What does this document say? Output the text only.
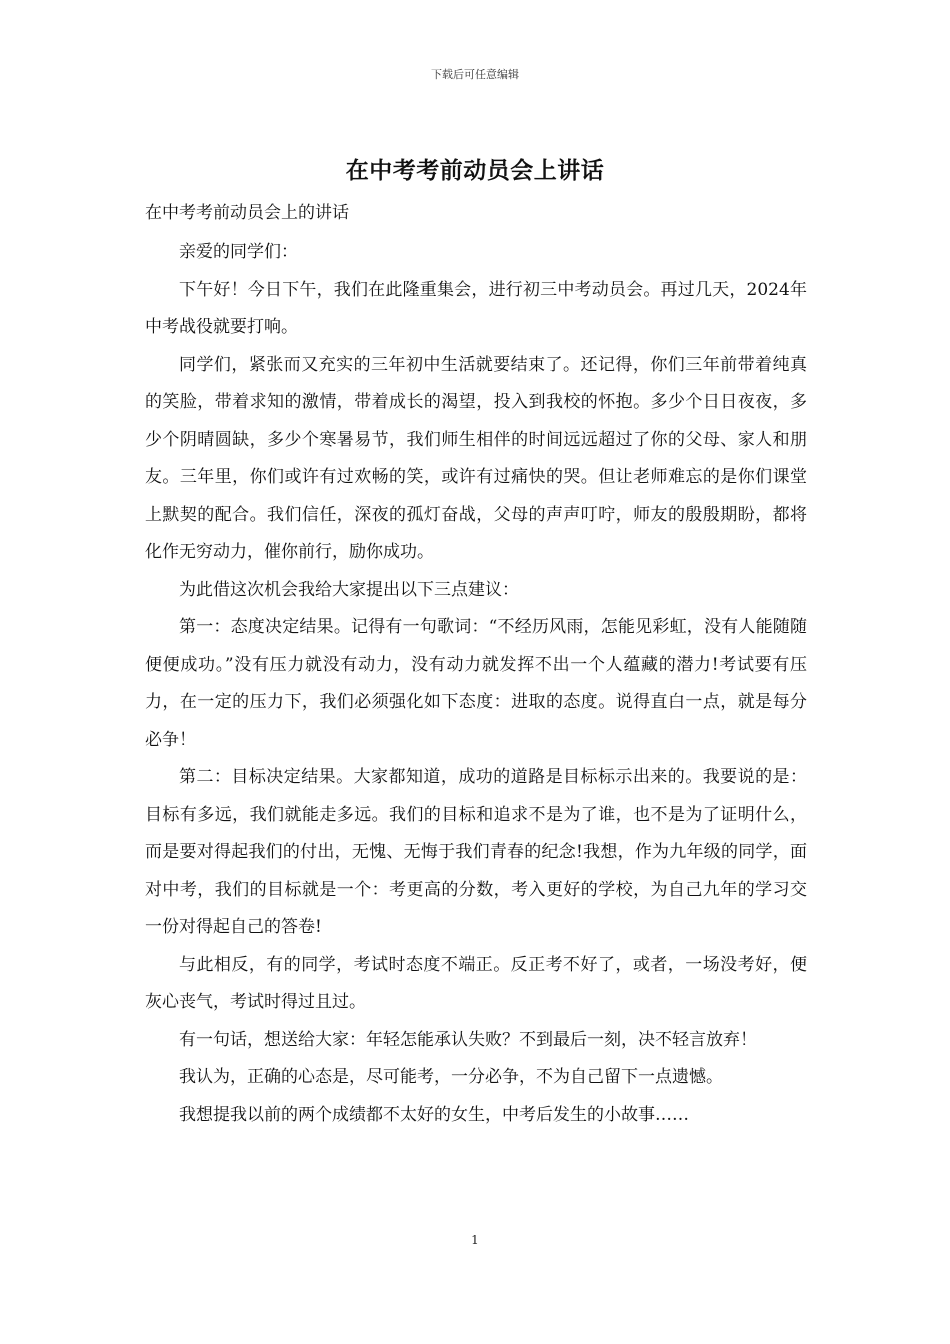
下载后可任意编辑
在中考考前动员会上讲话
在中考考前动员会上的讲话

亲爱的同学们：

下午好！今日下午，我们在此隆重集会，进行初三中考动员会。再过几天，2024年中考战役就要打响。

同学们，紧张而又充实的三年初中生活就要结束了。还记得，你们三年前带着纯真的笑脸，带着求知的激情，带着成长的渴望，投入到我校的怀抱。多少个日日夜夜，多少个阴晴圆缺，多少个寒暑易节，我们师生相伴的时间远远超过了你的父母、家人和朋友。三年里，你们或许有过欢畅的笑，或许有过痛快的哭。但让老师难忘的是你们课堂上默契的配合。我们信任，深夜的孤灯奋战，父母的声声叮咛，师友的殷殷期盼，都将化作无穷动力，催你前行，励你成功。

为此借这次机会我给大家提出以下三点建议：

第一：态度决定结果。记得有一句歌词：“不经历风雨，怎能见彩虹，没有人能随随便便成功。”没有压力就没有动力，没有动力就发挥不出一个人蕴藏的潜力!考试要有压力，在一定的压力下，我们必须强化如下态度：进取的态度。说得直白一点，就是每分必争！

第二：目标决定结果。大家都知道，成功的道路是目标标示出来的。我要说的是：目标有多远，我们就能走多远。我们的目标和追求不是为了谁，也不是为了证明什么，而是要对得起我们的付出，无愧、无悔于我们青春的纪念!我想，作为九年级的同学，面对中考，我们的目标就是一个：考更高的分数，考入更好的学校，为自己九年的学习交一份对得起自己的答卷!

与此相反，有的同学，考试时态度不端正。反正考不好了，或者，一场没考好，便灰心丧气，考试时得过且过。

有一句话，想送给大家：年轻怎能承认失败？不到最后一刻，决不轻言放弃！

我认为，正确的心态是，尽可能考，一分必争，不为自己留下一点遗憾。

我想提我以前的两个成绩都不太好的女生，中考后发生的小故事……

1
